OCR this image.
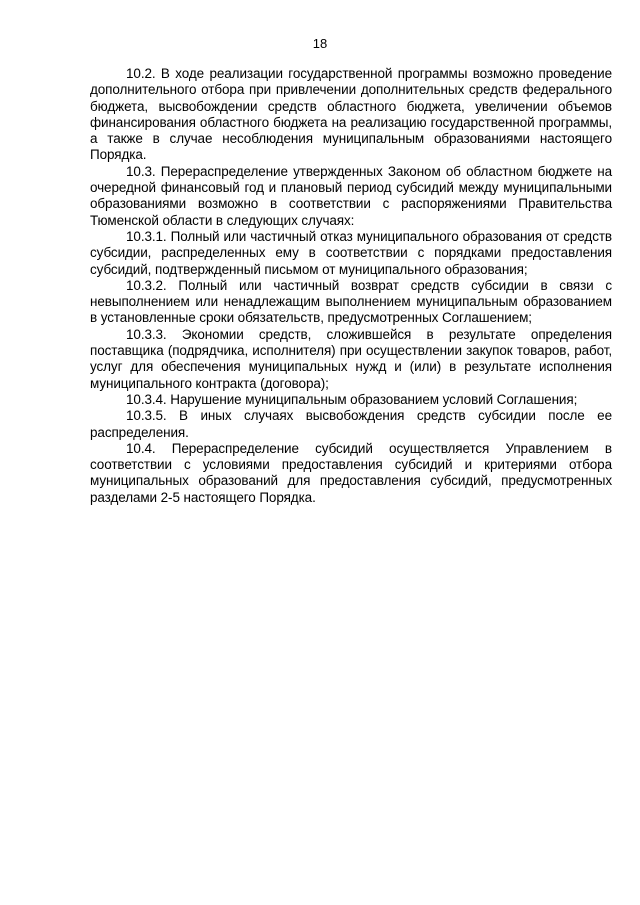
18

10.2. В ходе реализации государственной программы возможно проведение дополнительного отбора при привлечении дополнительных средств федерального бюджета, высвобождении средств областного бюджета, увеличении объемов финансирования областного бюджета на реализацию государственной программы, а также в случае несоблюдения муниципальным образованиями настоящего Порядка.

10.3. Перераспределение утвержденных Законом об областном бюджете на очередной финансовый год и плановый период субсидий между муниципальными образованиями возможно в соответствии с распоряжениями Правительства Тюменской области в следующих случаях:

10.3.1. Полный или частичный отказ муниципального образования от средств субсидии, распределенных ему в соответствии с порядками предоставления субсидий, подтвержденный письмом от муниципального образования;

10.3.2. Полный или частичный возврат средств субсидии в связи с невыполнением или ненадлежащим выполнением муниципальным образованием в установленные сроки обязательств, предусмотренных Соглашением;

10.3.3. Экономии средств, сложившейся в результате определения поставщика (подрядчика, исполнителя) при осуществлении закупок товаров, работ, услуг для обеспечения муниципальных нужд и (или) в результате исполнения муниципального контракта (договора);

10.3.4. Нарушение муниципальным образованием условий Соглашения;

10.3.5. В иных случаях высвобождения средств субсидии после ее распределения.

10.4. Перераспределение субсидий осуществляется Управлением в соответствии с условиями предоставления субсидий и критериями отбора муниципальных образований для предоставления субсидий, предусмотренных разделами 2-5 настоящего Порядка.
